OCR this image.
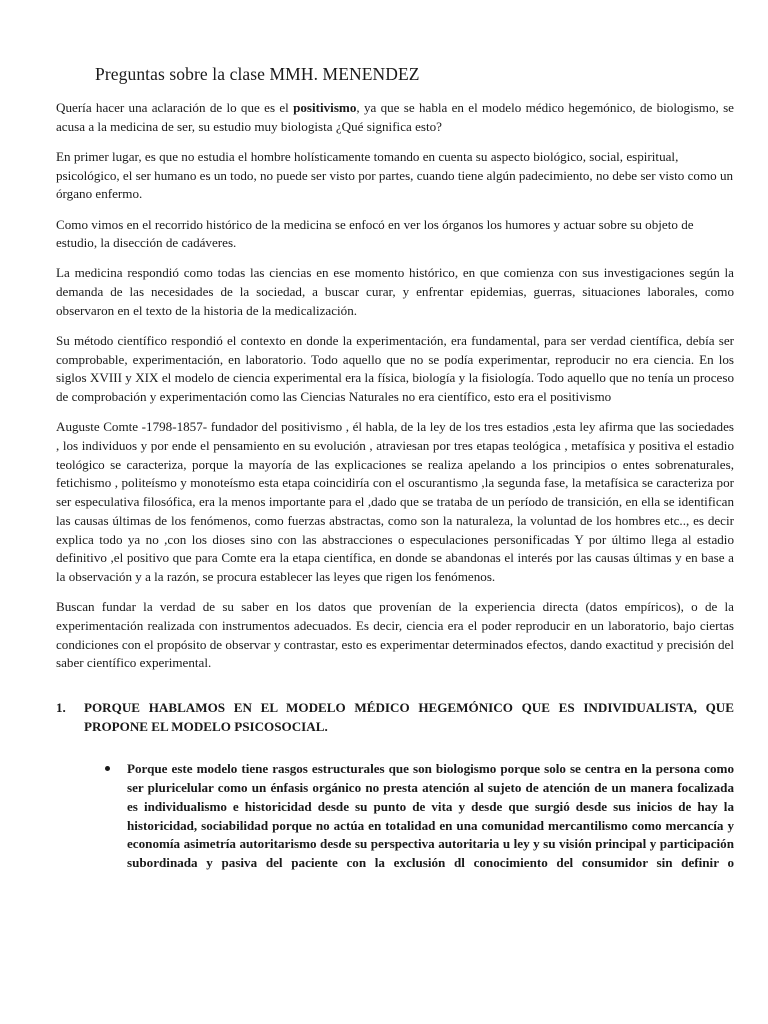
Preguntas sobre la clase MMH. MENENDEZ

Quería hacer una aclaración de lo que es el positivismo, ya que se habla en el modelo médico hegemónico, de biologismo, se acusa a la medicina de ser, su estudio muy biologista ¿Qué significa esto?

En primer lugar, es que no estudia el hombre holísticamente tomando en cuenta su aspecto biológico, social, espiritual, psicológico, el ser humano es un todo, no puede ser visto por partes, cuando tiene algún padecimiento, no debe ser visto como un órgano enfermo.

Como vimos en el recorrido histórico de la medicina se enfocó en ver los órganos los humores y actuar sobre su objeto de estudio, la disección de cadáveres.

La medicina respondió como todas las ciencias en ese momento histórico, en que comienza con sus investigaciones según la demanda de las necesidades de la sociedad, a buscar curar, y enfrentar epidemias, guerras, situaciones laborales, como observaron en el texto de la historia de la medicalización.

Su método científico respondió el contexto en donde la experimentación, era fundamental, para ser verdad científica, debía ser comprobable, experimentación, en laboratorio. Todo aquello que no se podía experimentar, reproducir no era ciencia. En los siglos XVIII y XIX el modelo de ciencia experimental era la física, biología y la fisiología. Todo aquello que no tenía un proceso de comprobación y experimentación como las Ciencias Naturales no era científico, esto era el positivismo

Auguste Comte -1798-1857- fundador del positivismo , él habla, de la ley de los tres estadios ,esta ley afirma que las sociedades , los individuos y por ende el pensamiento en su evolución , atraviesan por tres etapas teológica , metafísica y positiva el estadio teológico se caracteriza, porque la mayoría de las explicaciones se realiza apelando a los principios o entes sobrenaturales, fetichismo , politeísmo y monoteísmo esta etapa coincidiría con el oscurantismo ,la segunda fase, la metafísica se caracteriza por ser especulativa filosófica, era la menos importante para el ,dado que se trataba de un período de transición, en ella se identifican las causas últimas de los fenómenos, como fuerzas abstractas, como son la naturaleza, la voluntad de los hombres etc.., es decir explica todo ya no ,con los dioses sino con las abstracciones o especulaciones personificadas Y por último llega al estadio definitivo ,el positivo que para Comte era la etapa científica, en donde se abandonas el interés por las causas últimas y en base a la observación y a la razón, se procura establecer las leyes que rigen los fenómenos.

Buscan fundar la verdad de su saber en los datos que provenían de la experiencia directa (datos empíricos), o de la experimentación realizada con instrumentos adecuados. Es decir, ciencia era el poder reproducir en un laboratorio, bajo ciertas condiciones con el propósito de observar y contrastar, esto es experimentar determinados efectos, dando exactitud y precisión del saber científico experimental.

1.	PORQUE HABLAMOS EN EL MODELO MÉDICO HEGEMÓNICO QUE ES INDIVIDUALISTA, QUE PROPONE EL MODELO PSICOSOCIAL.
Porque este modelo tiene rasgos estructurales que son biologismo porque solo se centra en la persona como ser pluricelular como un énfasis orgánico no presta atención al sujeto de atención de un manera focalizada es individualismo e historicidad desde su punto de vita y desde que surgió desde sus inicios de hay la historicidad, sociabilidad porque no actúa en totalidad en una comunidad mercantilismo como mercancía y economía asimetría autoritarismo desde su perspectiva autoritaria u ley y su visión principal y participación subordinada y pasiva del paciente con la exclusión dl conocimiento del consumidor sin definir o
